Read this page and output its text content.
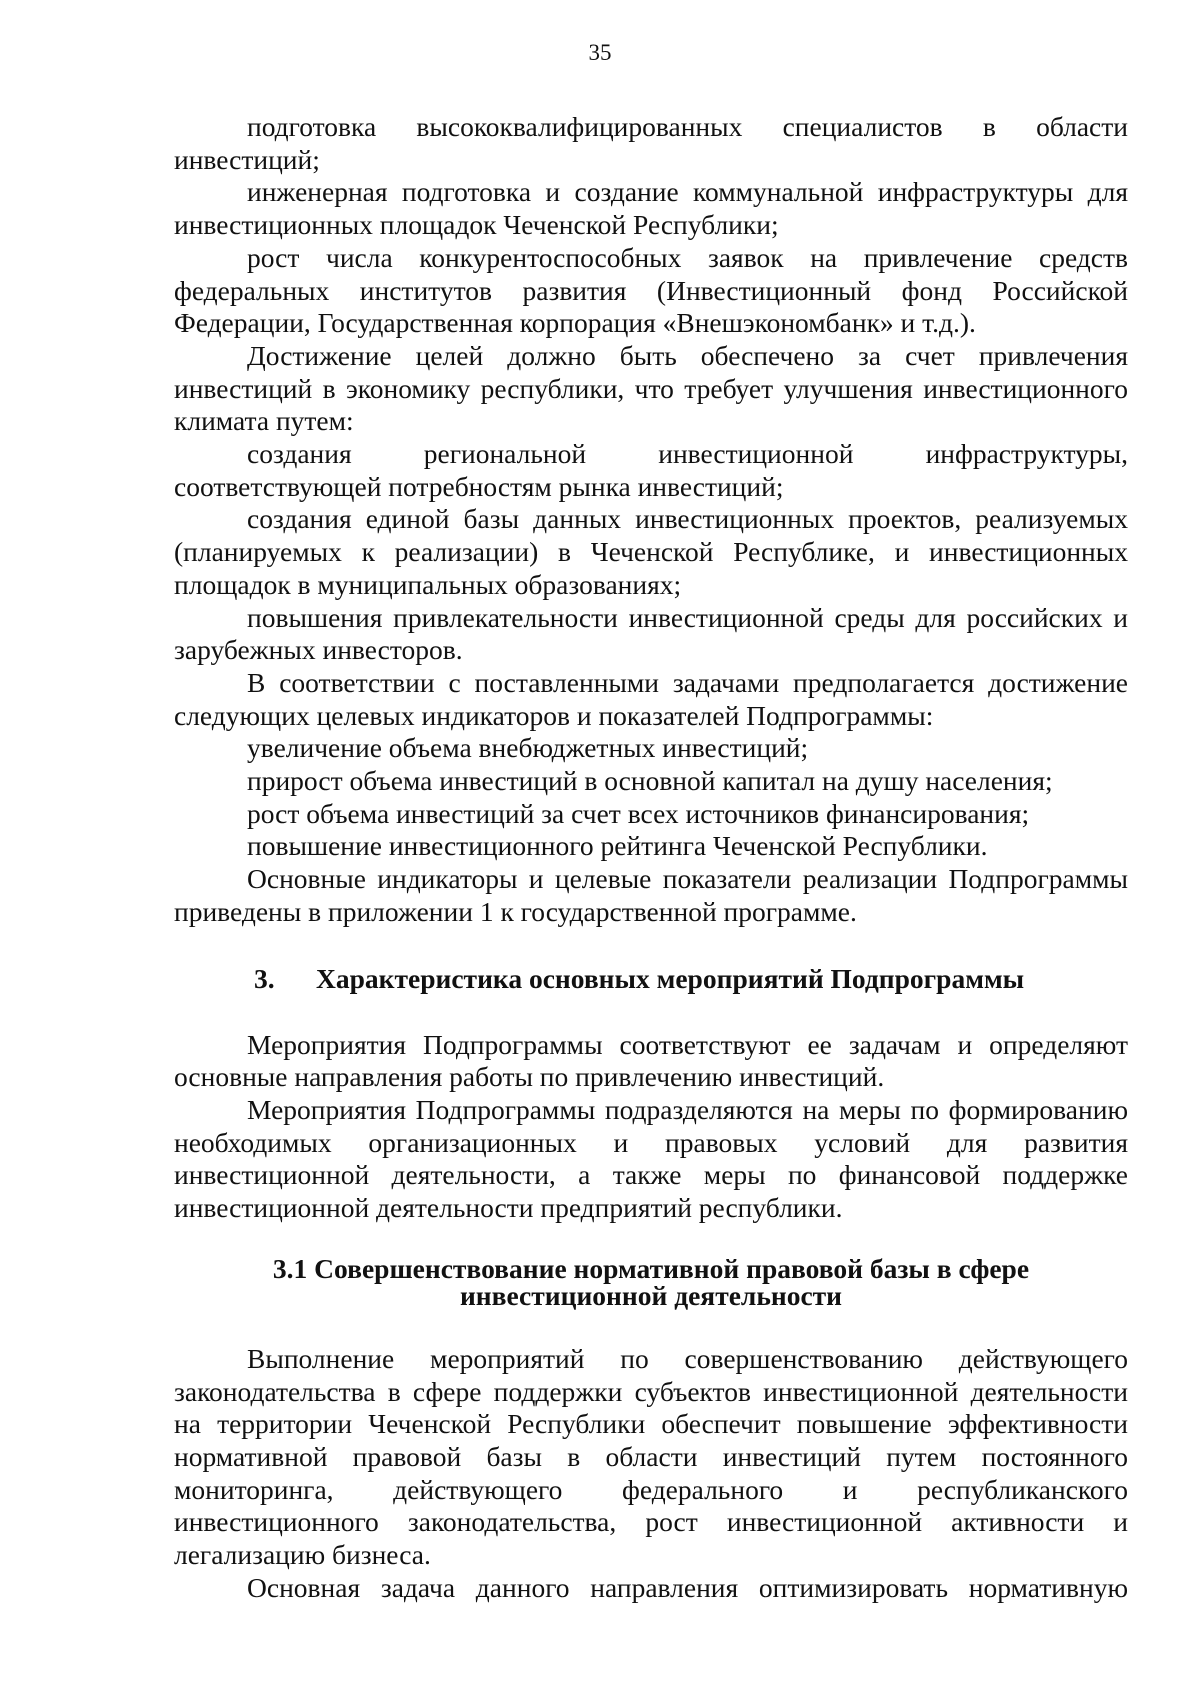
35

подготовка высококвалифицированных специалистов в области инвестиций;

инженерная подготовка и создание коммунальной инфраструктуры для инвестиционных площадок Чеченской Республики;

рост числа конкурентоспособных заявок на привлечение средств федеральных институтов развития (Инвестиционный фонд Российской Федерации, Государственная корпорация «Внешэкономбанк» и т.д.).

Достижение целей должно быть обеспечено за счет привлечения инвестиций в экономику республики, что требует улучшения инвестиционного климата путем:

создания региональной инвестиционной инфраструктуры, соответствующей потребностям рынка инвестиций;

создания единой базы данных инвестиционных проектов, реализуемых (планируемых к реализации) в Чеченской Республике, и инвестиционных площадок в муниципальных образованиях;

повышения привлекательности инвестиционной среды для российских и зарубежных инвесторов.

В соответствии с поставленными задачами предполагается достижение следующих целевых индикаторов и показателей Подпрограммы:

увеличение объема внебюджетных инвестиций;

прирост объема инвестиций в основной капитал на душу населения;

рост объема инвестиций за счет всех источников финансирования;

повышение инвестиционного рейтинга Чеченской Республики.

Основные индикаторы и целевые показатели реализации Подпрограммы приведены в приложении 1 к государственной программе.

3.	Характеристика основных мероприятий Подпрограммы

Мероприятия Подпрограммы соответствуют ее задачам и определяют основные направления работы по привлечению инвестиций.

Мероприятия Подпрограммы подразделяются на меры по формированию необходимых организационных и правовых условий для развития инвестиционной деятельности, а также меры по финансовой поддержке инвестиционной деятельности предприятий республики.

3.1 Совершенствование нормативной правовой базы в сфере
инвестиционной деятельности

Выполнение мероприятий по совершенствованию действующего законодательства в сфере поддержки субъектов инвестиционной деятельности на территории Чеченской Республики обеспечит повышение эффективности нормативной правовой базы в области инвестиций путем постоянного мониторинга, действующего федерального и республиканского инвестиционного законодательства, рост инвестиционной активности и легализацию бизнеса.

Основная задача данного направления оптимизировать нормативную
